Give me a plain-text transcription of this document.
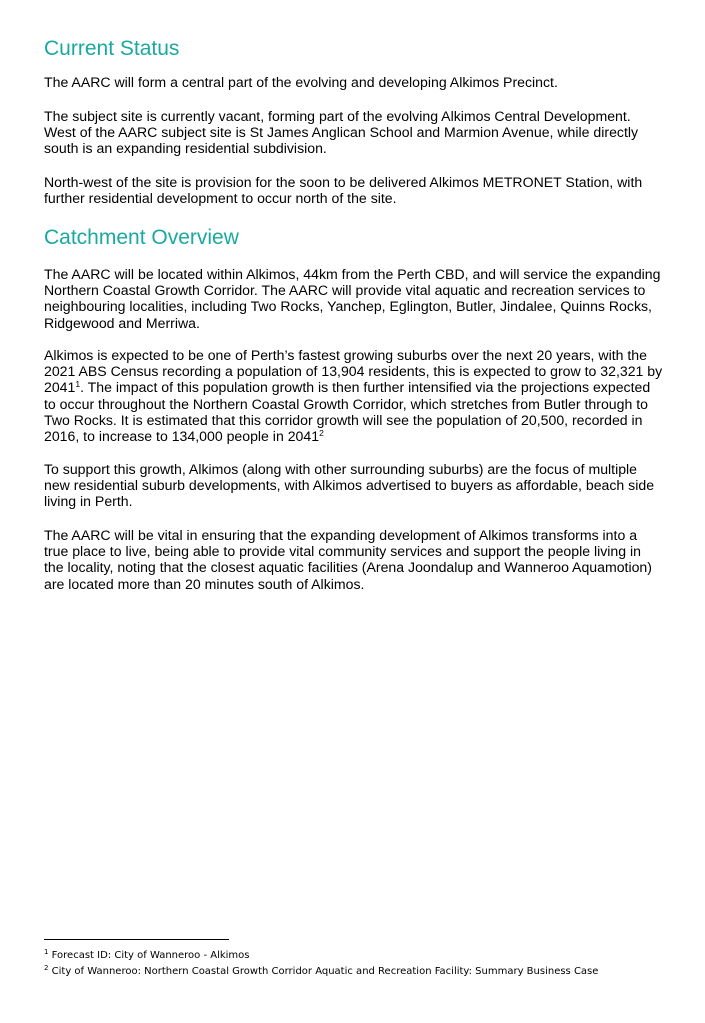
Current Status

The AARC will form a central part of the evolving and developing Alkimos Precinct.

The subject site is currently vacant, forming part of the evolving Alkimos Central Development. West of the AARC subject site is St James Anglican School and Marmion Avenue, while directly south is an expanding residential subdivision.

North-west of the site is provision for the soon to be delivered Alkimos METRONET Station, with further residential development to occur north of the site.

Catchment Overview

The AARC will be located within Alkimos, 44km from the Perth CBD, and will service the expanding Northern Coastal Growth Corridor. The AARC will provide vital aquatic and recreation services to neighbouring localities, including Two Rocks, Yanchep, Eglington, Butler, Jindalee, Quinns Rocks, Ridgewood and Merriwa.

Alkimos is expected to be one of Perth’s fastest growing suburbs over the next 20 years, with the 2021 ABS Census recording a population of 13,904 residents, this is expected to grow to 32,321 by 2041$^1$. The impact of this population growth is then further intensified via the projections expected to occur throughout the Northern Coastal Growth Corridor, which stretches from Butler through to Two Rocks. It is estimated that this corridor growth will see the population of 20,500, recorded in 2016, to increase to 134,000 people in 2041$^2$

To support this growth, Alkimos (along with other surrounding suburbs) are the focus of multiple new residential suburb developments, with Alkimos advertised to buyers as affordable, beach side living in Perth.

The AARC will be vital in ensuring that the expanding development of Alkimos transforms into a true place to live, being able to provide vital community services and support the people living in the locality, noting that the closest aquatic facilities (Arena Joondalup and Wanneroo Aquamotion) are located more than 20 minutes south of Alkimos.

$^1$ Forecast ID: City of Wanneroo - Alkimos
$^2$ City of Wanneroo: Northern Coastal Growth Corridor Aquatic and Recreation Facility: Summary Business Case
